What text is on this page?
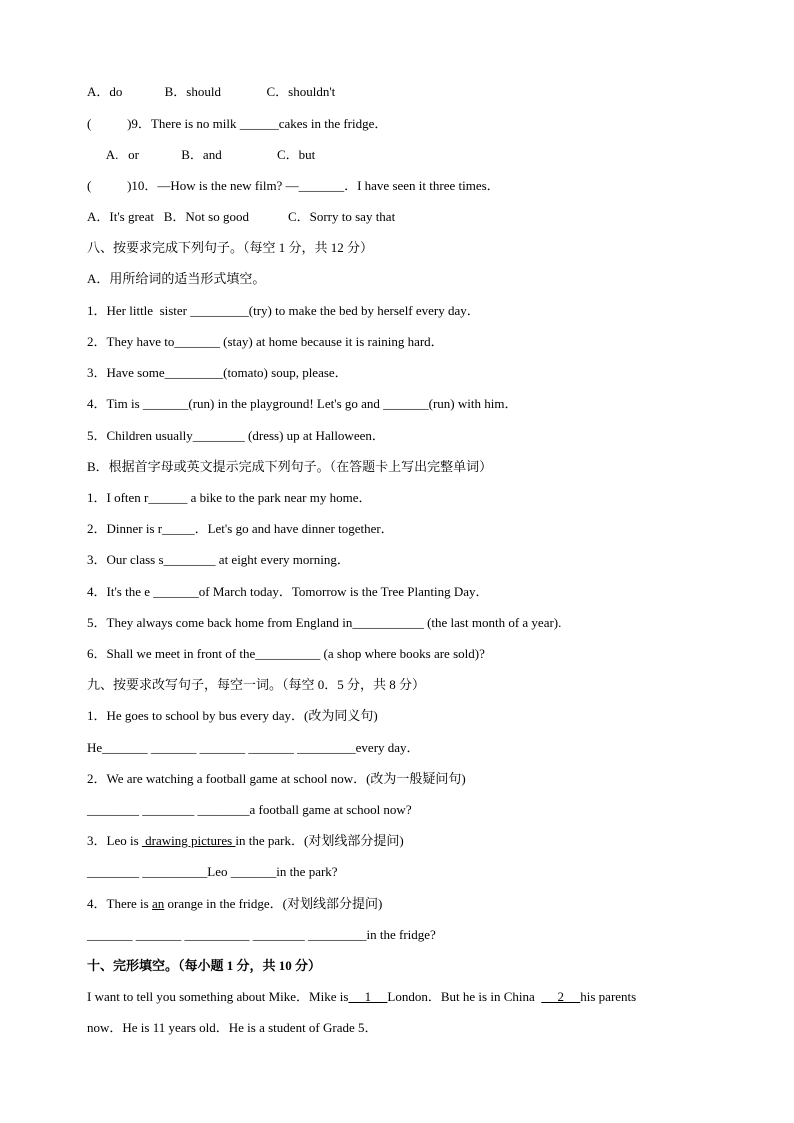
A．do             B．should              C．shouldn't
(           )9．There is no milk ______cakes in the fridge．
A.   or             B．and                 C．but
(           )10．—How is the new film? —_______．I have seen it three times．
A．It's great   B．Not so good            C．Sorry to say that
八、按要求完成下列句子。（每空 1 分，共 12 分）
A．用所给词的适当形式填空。
1．Her little  sister _________(try) to make the bed by herself every day．
2．They have to_______ (stay) at home because it is raining hard．
3．Have some_________(tomato) soup, please．
4．Tim is _______(run) in the playground! Let's go and _______(run) with him．
5．Children usually________ (dress) up at Halloween．
B．根据首字母或英文提示完成下列句子。（在答题卡上写出完整单词）
1．I often r______ a bike to the park near my home．
2．Dinner is r_____．Let's go and have dinner together．
3．Our class s________ at eight every morning．
4．It's the e _______of March today．Tomorrow is the Tree Planting Day．
5．They always come back home from England in___________ (the last month of a year).
6．Shall we meet in front of the__________ (a shop where books are sold)?
九、按要求改写句子，每空一词。（每空 0．5 分，共 8 分）
1．He goes to school by bus every day．(改为同义句)
He_______ _______ _______ _______ _________every day．
2．We are watching a football game at school now．(改为一般疑问句)
________ ________ ________a football game at school now?
3．Leo is  drawing pictures in the park．(对划线部分提问)
________ __________Leo _______in the park?
4．There is an orange in the fridge．(对划线部分提问)
_______ _______ __________ ________ _________in the fridge?
十、完形填空。（每小题 1 分，共 10 分）
I want to tell you something about Mike．Mike is     1     London．But he is in China       2     his parents
now．He is 11 years old．He is a student of Grade 5．
